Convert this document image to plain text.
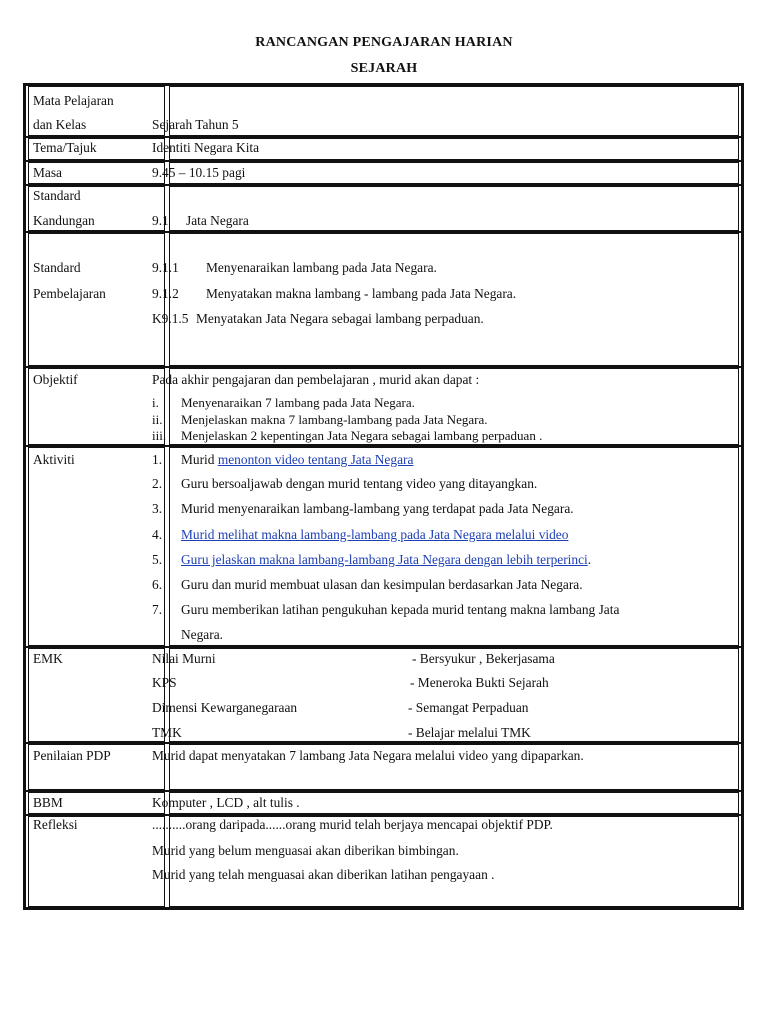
RANCANGAN PENGAJARAN HARIAN
SEJARAH
Mata Pelajaran
dan Kelas	Sejarah Tahun 5
Tema/Tajuk	Identiti Negara Kita
Masa	9.45 – 10.15 pagi
Standard
Kandungan	9.1 Jata Negara
Standard
Pembelajaran
9.1.1 Menyenaraikan lambang pada Jata Negara.
9.1.2 Menyatakan makna lambang - lambang pada Jata Negara.
K9.1.5 Menyatakan Jata Negara sebagai lambang perpaduan.
Objektif	Pada akhir pengajaran dan pembelajaran , murid akan dapat :
i. Menyenaraikan 7 lambang pada Jata Negara.
ii. Menjelaskan makna 7 lambang-lambang pada Jata Negara.
iii. Menjelaskan 2 kepentingan Jata Negara sebagai lambang perpaduan .
Aktiviti	1. Murid menonton video tentang Jata Negara
2. Guru bersoaljawab dengan murid tentang video yang ditayangkan.
3. Murid menyenaraikan lambang-lambang yang terdapat pada Jata Negara.
4. Murid melihat makna lambang-lambang pada Jata Negara melalui video
5. Guru jelaskan makna lambang-lambang Jata Negara dengan lebih terperinci.
6. Guru dan murid membuat ulasan dan kesimpulan berdasarkan Jata Negara.
7. Guru memberikan latihan pengukuhan kepada murid tentang makna lambang Jata
Negara.
EMK	Nilai Murni	- Bersyukur , Bekerjasama
KPS	- Meneroka Bukti Sejarah
Dimensi Kewarganegaraan	- Semangat Perpaduan
TMK	- Belajar melalui TMK
Penilaian PDP	Murid dapat menyatakan 7 lambang Jata Negara melalui video yang dipaparkan.
BBM	Komputer , LCD , alt tulis .
Refleksi	..........orang daripada......orang murid telah berjaya mencapai objektif PDP.
Murid yang belum menguasai akan diberikan bimbingan.
Murid yang telah menguasai akan diberikan latihan pengayaan .
